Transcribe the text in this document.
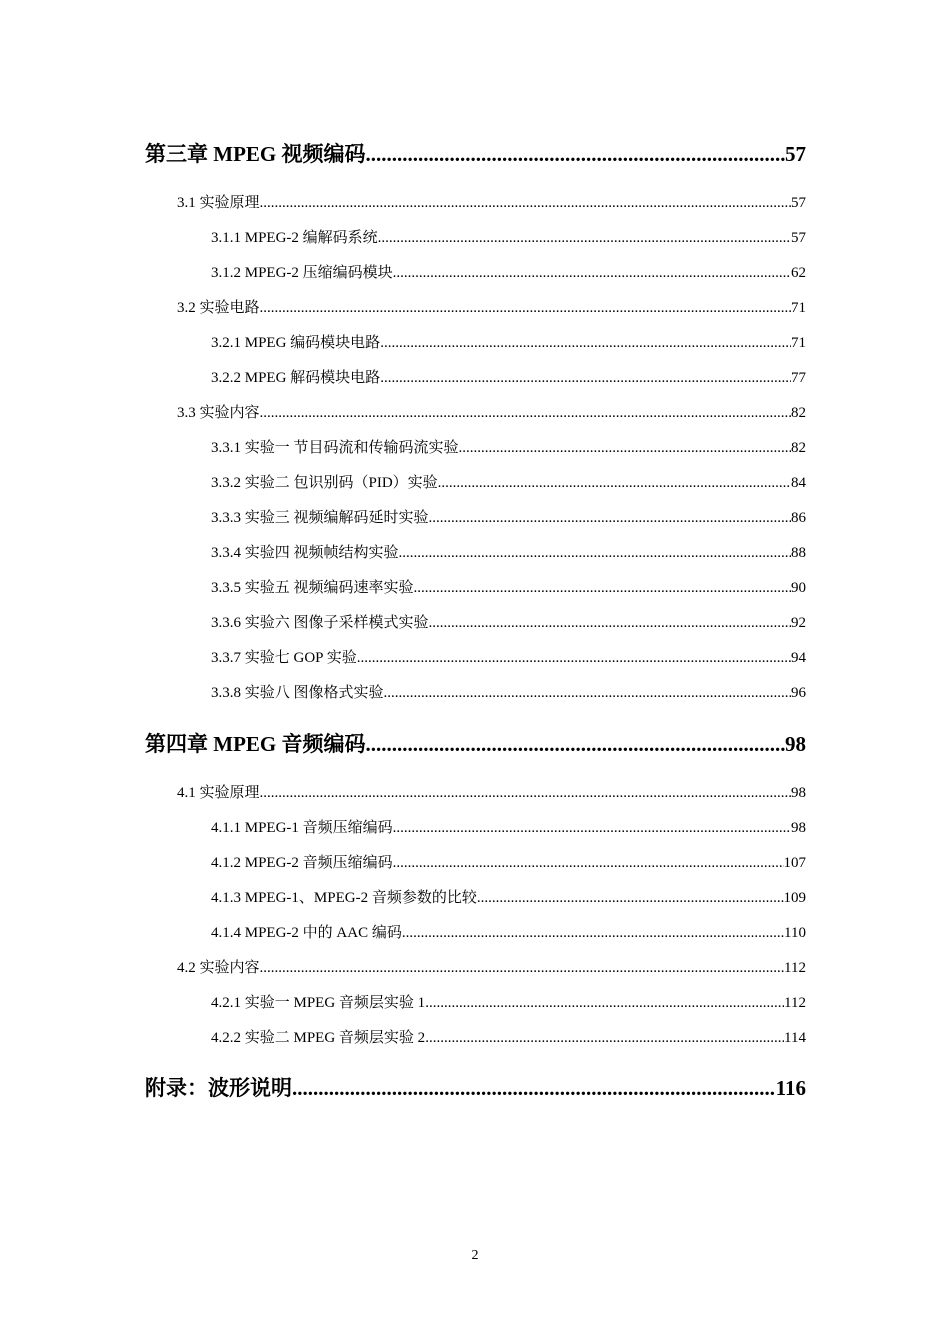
第三章 MPEG 视频编码 .....	57
3.1 实验原理 .....	57
3.1.1 MPEG-2 编解码系统 .....	57
3.1.2 MPEG-2 压缩编码模块 .....	62
3.2 实验电路 .....	71
3.2.1 MPEG 编码模块电路 .....	71
3.2.2 MPEG 解码模块电路 .....	77
3.3 实验内容 .....	82
3.3.1 实验一 节目码流和传输码流实验 .....	82
3.3.2 实验二 包识别码（PID）实验 .....	84
3.3.3 实验三 视频编解码延时实验 .....	86
3.3.4 实验四 视频帧结构实验 .....	88
3.3.5 实验五 视频编码速率实验 .....	90
3.3.6 实验六 图像子采样模式实验 .....	92
3.3.7 实验七 GOP 实验 .....	94
3.3.8 实验八 图像格式实验 .....	96
第四章 MPEG 音频编码 .....	98
4.1 实验原理 .....	98
4.1.1 MPEG-1 音频压缩编码 .....	98
4.1.2 MPEG-2 音频压缩编码 .....	107
4.1.3 MPEG-1、MPEG-2 音频参数的比较 .....	109
4.1.4 MPEG-2 中的 AAC 编码 .....	110
4.2 实验内容 .....	112
4.2.1 实验一 MPEG 音频层实验 1 .....	112
4.2.2 实验二 MPEG 音频层实验 2 .....	114
附录：波形说明 .....	116
2
